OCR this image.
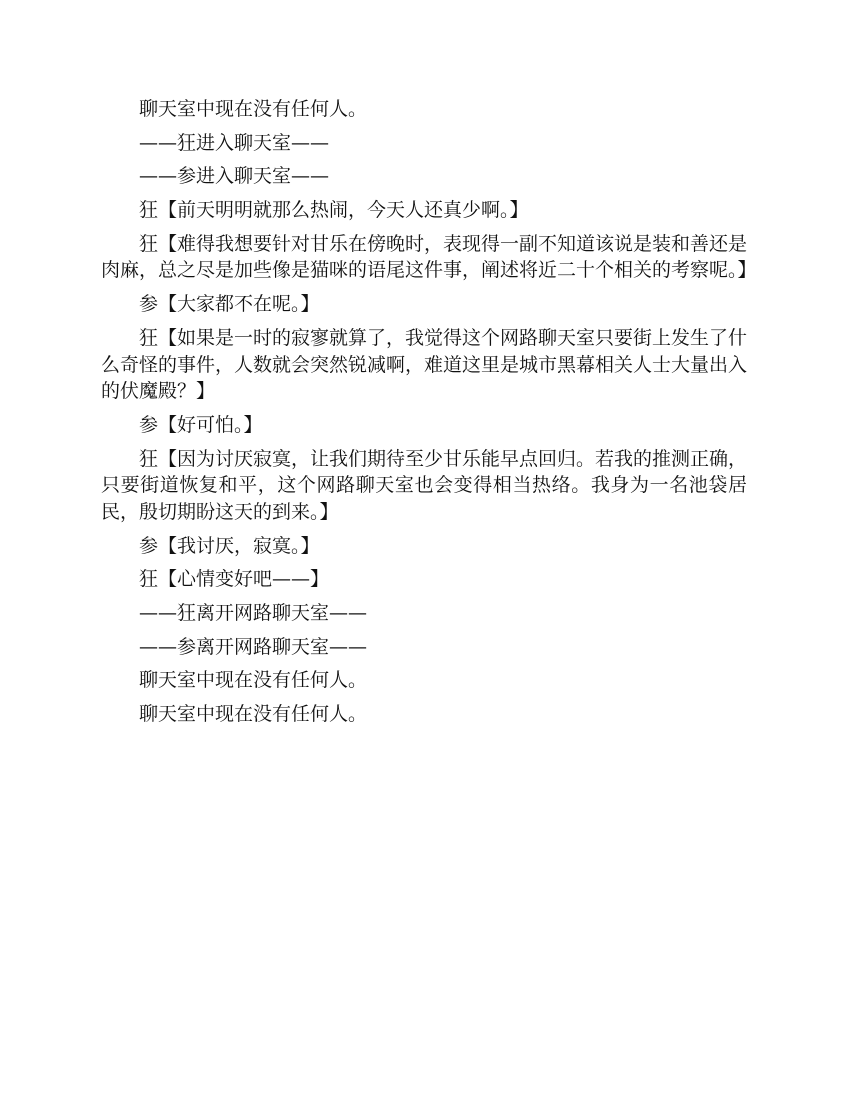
聊天室中现在没有任何人。

——狂进入聊天室——

——参进入聊天室——

狂【前天明明就那么热闹，今天人还真少啊。】

狂【难得我想要针对甘乐在傍晚时，表现得一副不知道该说是装和善还是肉麻，总之尽是加些像是猫咪的语尾这件事，阐述将近二十个相关的考察呢。】

参【大家都不在呢。】

狂【如果是一时的寂寥就算了，我觉得这个网路聊天室只要街上发生了什么奇怪的事件，人数就会突然锐减啊，难道这里是城市黑幕相关人士大量出入的伏魔殿？】

参【好可怕。】

狂【因为讨厌寂寞，让我们期待至少甘乐能早点回归。若我的推测正确，只要街道恢复和平，这个网路聊天室也会变得相当热络。我身为一名池袋居民，殷切期盼这天的到来。】

参【我讨厌，寂寞。】

狂【心情变好吧——】

——狂离开网路聊天室——

——参离开网路聊天室——

聊天室中现在没有任何人。

聊天室中现在没有任何人。
